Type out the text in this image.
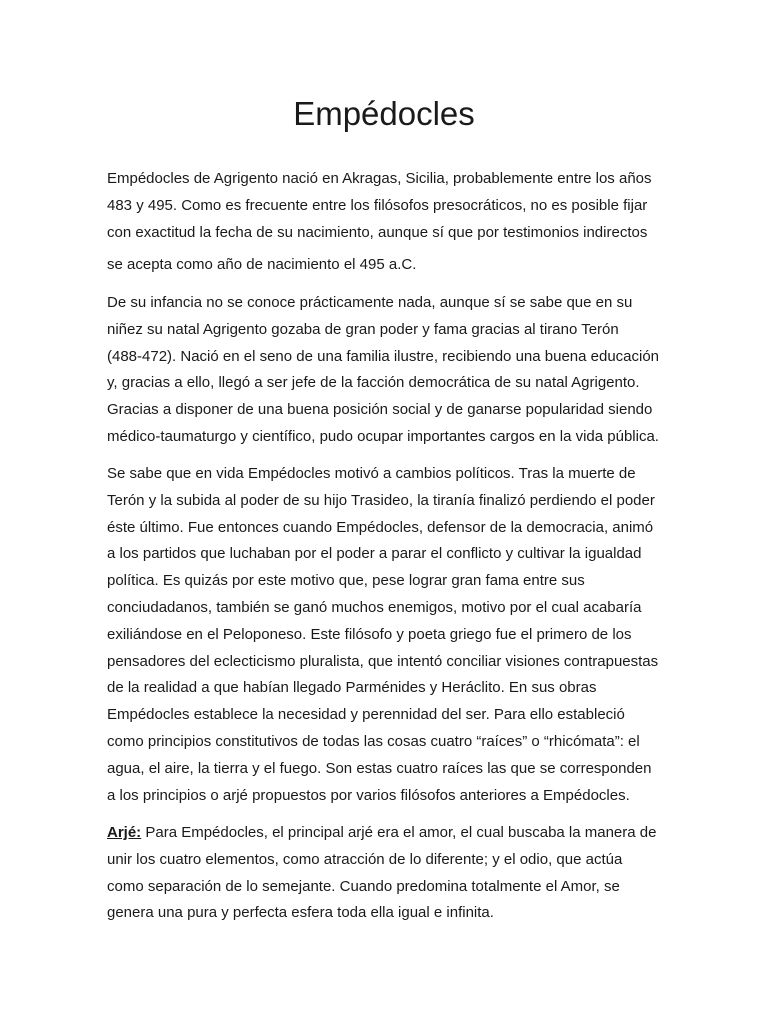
Empédocles

Empédocles de Agrigento nació en Akragas, Sicilia, probablemente entre los años
483 y 495. Como es frecuente entre los filósofos presocráticos, no es posible fijar
con exactitud la fecha de su nacimiento, aunque sí que por testimonios indirectos
se acepta como año de nacimiento el 495 a.C.

De su infancia no se conoce prácticamente nada, aunque sí se sabe que en su
niñez su natal Agrigento gozaba de gran poder y fama gracias al tirano Terón
(488-472). Nació en el seno de una familia ilustre, recibiendo una buena educación
y, gracias a ello, llegó a ser jefe de la facción democrática de su natal Agrigento.
Gracias a disponer de una buena posición social y de ganarse popularidad siendo
médico-taumaturgo y científico, pudo ocupar importantes cargos en la vida pública.

Se sabe que en vida Empédocles motivó a cambios políticos. Tras la muerte de
Terón y la subida al poder de su hijo Trasideo, la tiranía finalizó perdiendo el poder
éste último. Fue entonces cuando Empédocles, defensor de la democracia, animó
a los partidos que luchaban por el poder a parar el conflicto y cultivar la igualdad
política. Es quizás por este motivo que, pese lograr gran fama entre sus
conciudadanos, también se ganó muchos enemigos, motivo por el cual acabaría
exiliándose en el Peloponeso. Este filósofo y poeta griego fue el primero de los
pensadores del eclecticismo pluralista, que intentó conciliar visiones contrapuestas
de la realidad a que habían llegado Parménides y Heráclito. En sus obras
Empédocles establece la necesidad y perennidad del ser. Para ello estableció
como principios constitutivos de todas las cosas cuatro “raíces” o “rhicómata”: el
agua, el aire, la tierra y el fuego. Son estas cuatro raíces las que se corresponden
a los principios o arjé propuestos por varios filósofos anteriores a Empédocles.

Arjé: Para Empédocles, el principal arjé era el amor, el cual buscaba la manera de
unir los cuatro elementos, como atracción de lo diferente; y el odio, que actúa
como separación de lo semejante. Cuando predomina totalmente el Amor, se
genera una pura y perfecta esfera toda ella igual e infinita.
